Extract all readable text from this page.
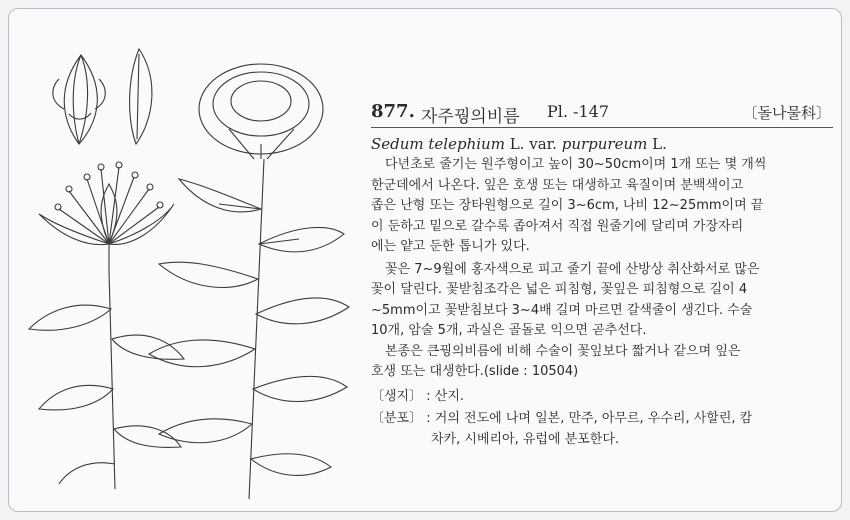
877. 자주꿩의비름 Pl. -147	〔돌나물科〕
Sedum telephium L. var. purpureum L.

다년초로 줄기는 원주형이고 높이 30~50cm이며 1개 또는 몇 개씩
한군데에서 나온다. 잎은 호생 또는 대생하고 육질이며 분백색이고
좁은 난형 또는 장타원형으로 길이 3~6cm, 나비 12~25mm이며 끝
이 둔하고 밑으로 갈수록 좁아져서 직접 원줄기에 달리며 가장자리
에는 얕고 둔한 톱니가 있다.

꽃은 7~9월에 홍자색으로 피고 줄기 끝에 산방상 취산화서로 많은
꽃이 달린다. 꽃받침조각은 넓은 피침형, 꽃잎은 피침형으로 길이 4
~5mm이고 꽃받침보다 3~4배 길며 마르면 갈색줄이 생긴다. 수술
10개, 암술 5개, 과실은 골돌로 익으면 곧추선다.

본종은 큰꿩의비름에 비해 수술이 꽃잎보다 짧거나 같으며 잎은
호생 또는 대생한다.(slide : 10504)

〔생지〕 : 산지.
〔분포〕 : 거의 전도에 나며 일본, 만주, 아무르, 우수리, 사할린, 캄
차카, 시베리아, 유럽에 분포한다.
